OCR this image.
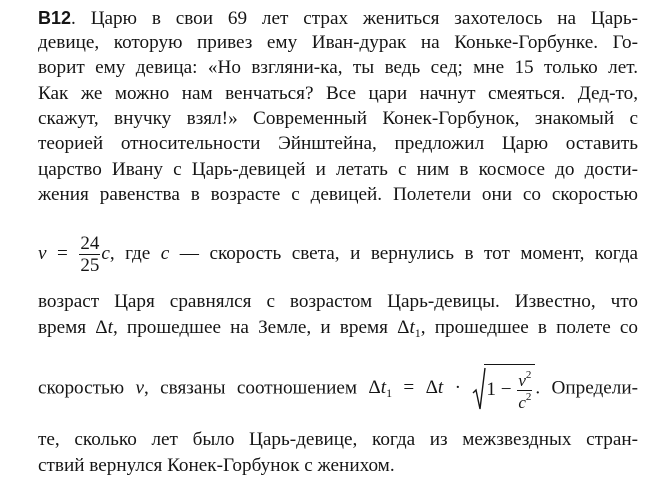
B12. Царю в свои 69 лет страх жениться захотелось на Царь-
девице, которую привез ему Иван-дурак на Коньке-Горбунке. Го-
ворит ему девица: «Но взгляни-ка, ты ведь сед; мне 15 только лет.
Как же можно нам венчаться? Все цари начнут смеяться. Дед-то,
скажут, внучку взял!» Современный Конек-Горбунок, знакомый с
теорией относительности Эйнштейна, предложил Царю оставить
царство Ивану с Царь-девицей и летать с ним в космосе до дости-
жения равенства в возрасте с девицей. Полетели они со скоростью
$v = \frac{24}{25} c$, где c — скорость света, и вернулись в тот момент, когда
возраст Царя сравнялся с возрастом Царь-девицы. Известно, что
время Δt, прошедшее на Земле, и время $\Delta t_1$, прошедшее в полете со
скоростью v, связаны соотношением $\Delta t_1 = \Delta t \cdot 1 - \frac{v^2}{c^2}$ . Определи-
те, сколько лет было Царь-девице, когда из межзвездных стран-
ствий вернулся Конек-Горбунок с женихом.
